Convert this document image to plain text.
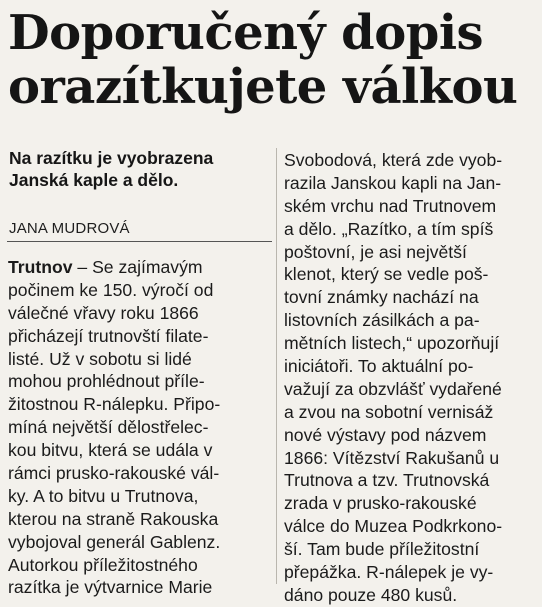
Doporučený dopis
orazítkujete válkou
Na razítku je vyobrazena
Janská kaple a dělo.
JANA MUDROVÁ
Trutnov – Se zajímavým
počinem ke 150. výročí od
válečné vřavy roku 1866
přicházejí trutnovští filate-
listé. Už v sobotu si lidé
mohou prohlédnout příle-
žitostnou R-nálepku. Připo-
míná největší dělostřelec-
kou bitvu, která se udála v
rámci prusko-rakouské vál-
ky. A to bitvu u Trutnova,
kterou na straně Rakouska
vybojoval generál Gablenz.
Autorkou příležitostného
razítka je výtvarnice Marie
Svobodová, která zde vyob-
razila Janskou kapli na Jan-
ském vrchu nad Trutnovem
a dělo. „Razítko, a tím spíš
poštovní, je asi největší
klenot, který se vedle poš-
tovní známky nachází na
listovních zásilkách a pa-
mětních listech,“ upozorňují
iniciátoři. To aktuální po-
važují za obzvlášť vydařené
a zvou na sobotní vernisáž
nové výstavy pod názvem
1866: Vítězství Rakušanů u
Trutnova a tzv. Trutnovská
zrada v prusko-rakouské
válce do Muzea Podkrkono-
ší. Tam bude příležitostní
přepážka. R-nálepek je vy-
dáno pouze 480 kusů.
